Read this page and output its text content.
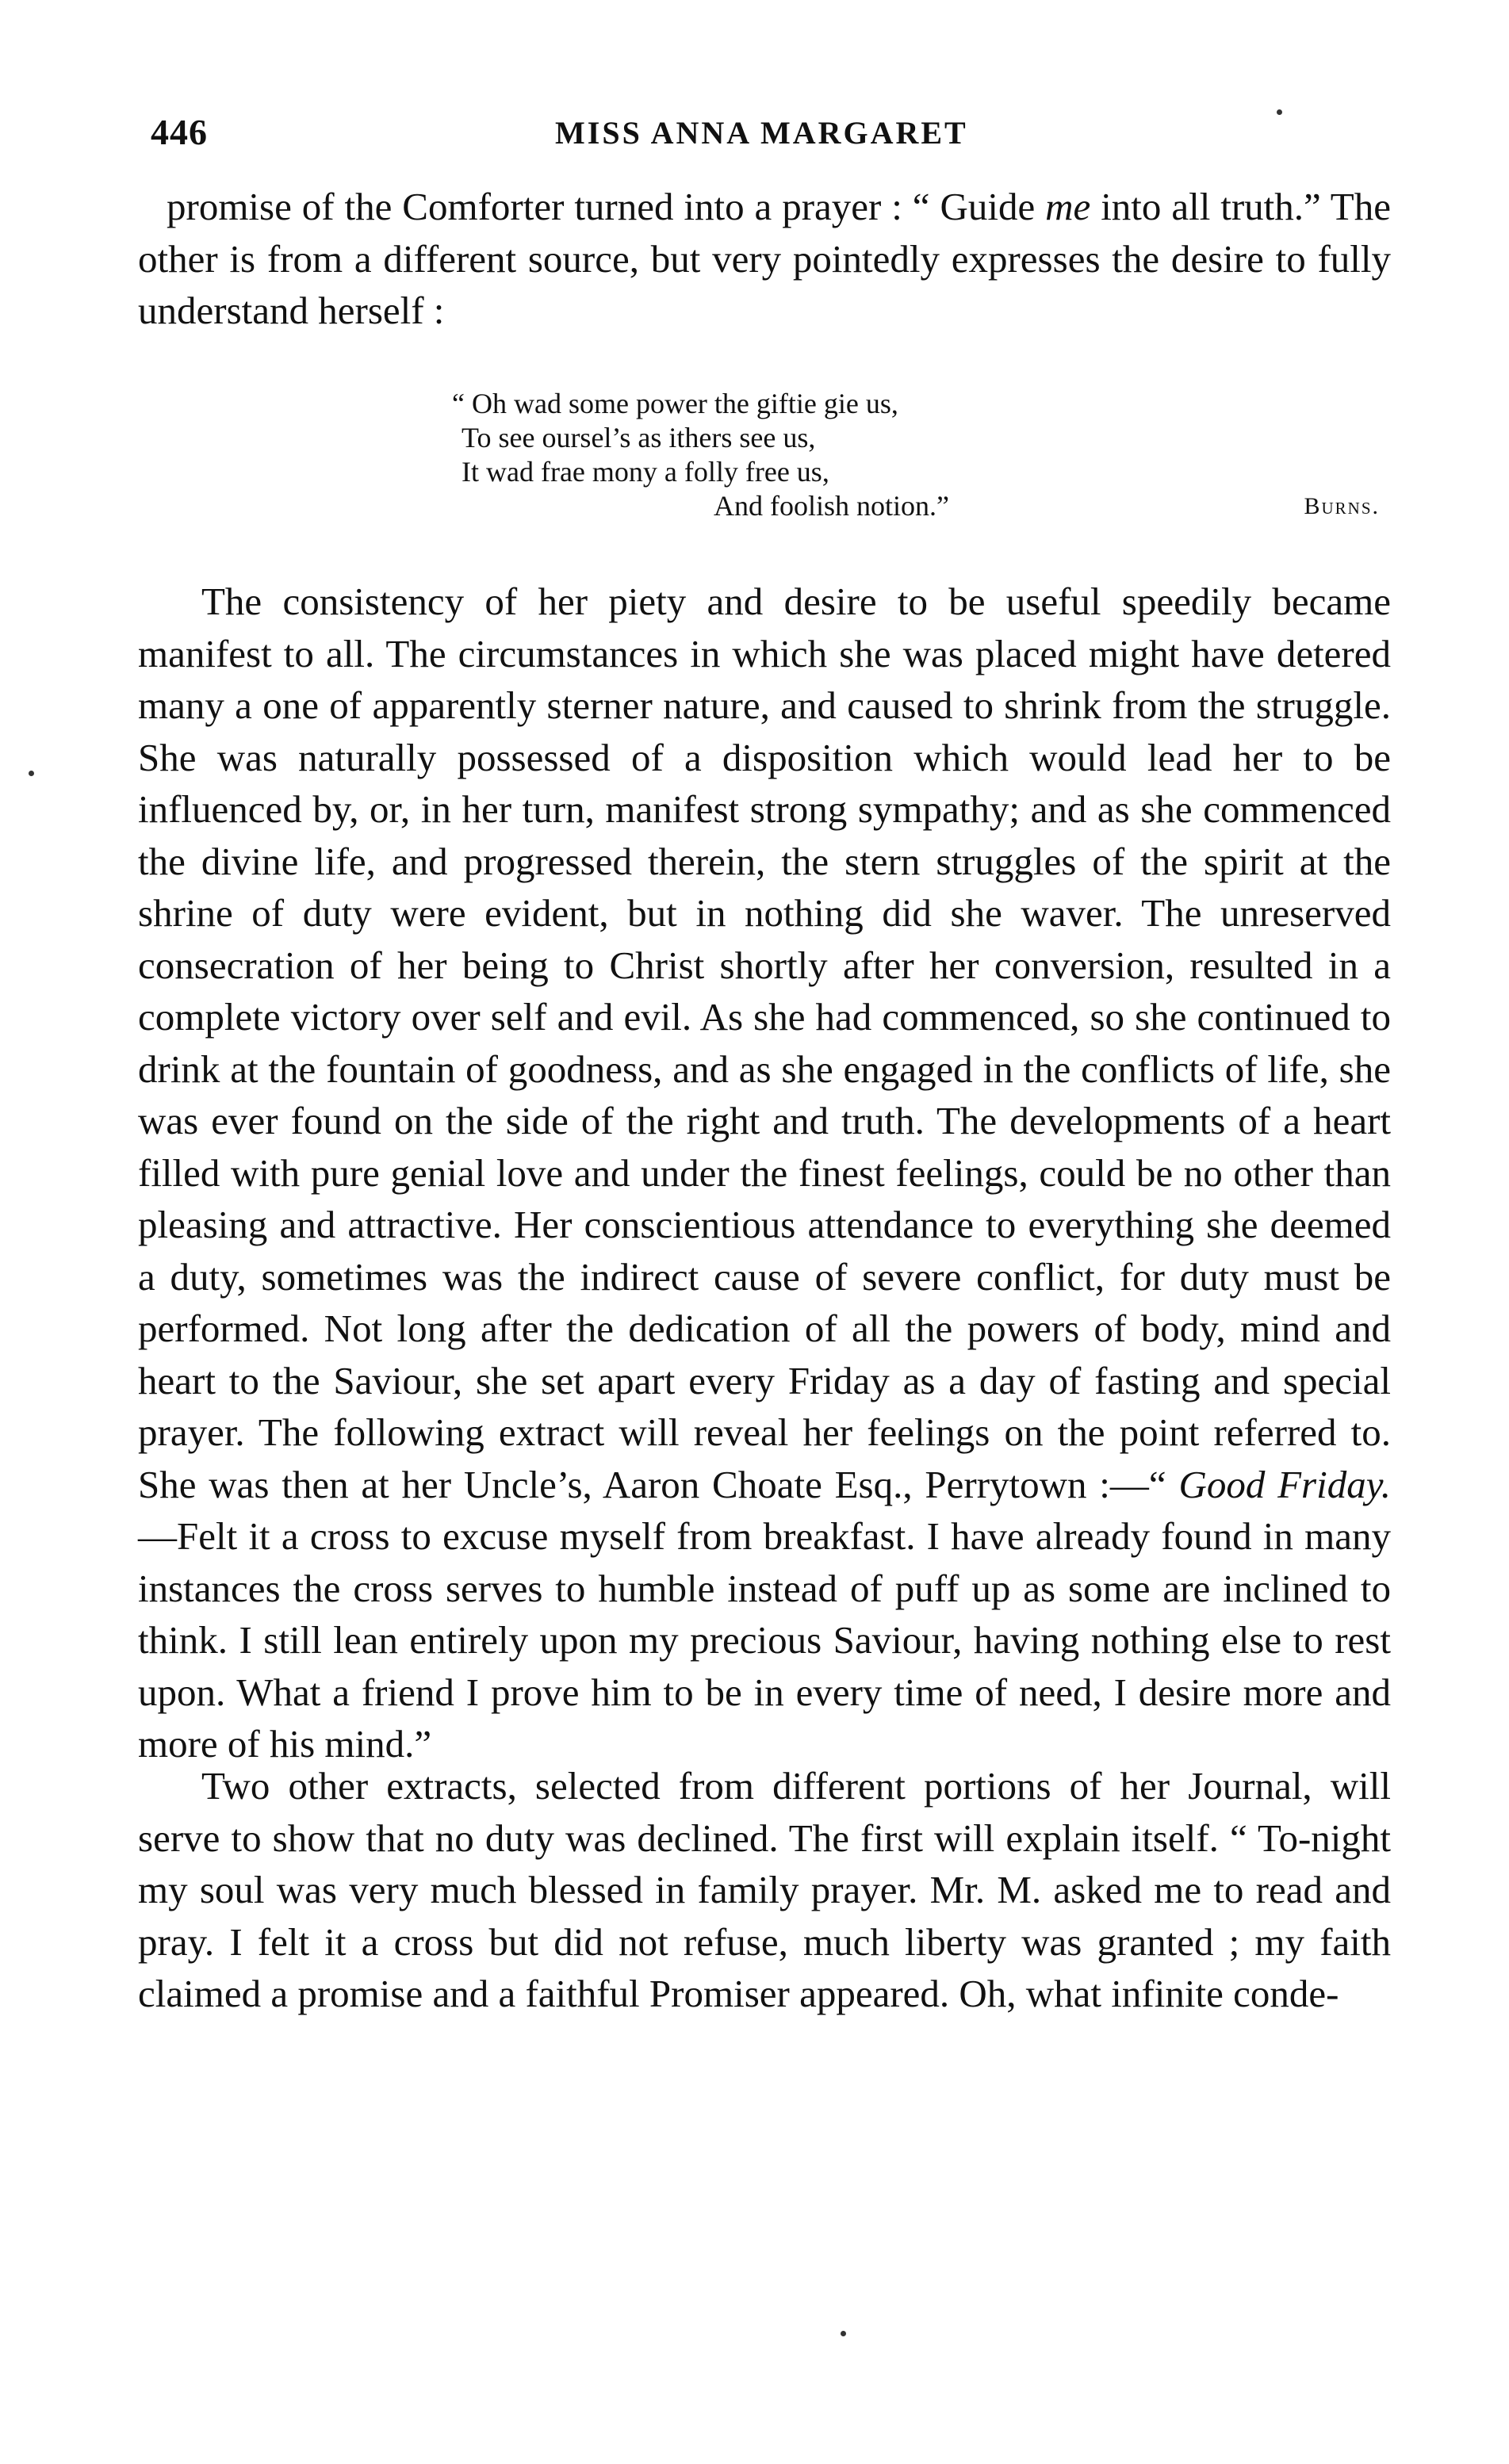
446	MISS ANNA MARGARET

promise of the Comforter turned into a prayer : “ Guide me into all truth.” The other is from a different source, but very pointedly expresses the desire to fully understand herself :

“ Oh wad some power the giftie gie us,
To see oursel’s as ithers see us,
It wad frae mony a folly free us,
And foolish notion.”	Burns.

The consistency of her piety and desire to be useful speedily became manifest to all. The circumstances in which she was placed might have detered many a one of apparently sterner nature, and caused to shrink from the struggle. She was naturally possessed of a disposition which would lead her to be influenced by, or, in her turn, manifest strong sympathy; and as she commenced the divine life, and progressed therein, the stern struggles of the spirit at the shrine of duty were evident, but in nothing did she waver. The unreserved consecration of her being to Christ shortly after her conversion, resulted in a complete victory over self and evil. As she had commenced, so she continued to drink at the fountain of goodness, and as she engaged in the conflicts of life, she was ever found on the side of the right and truth. The developments of a heart filled with pure genial love and under the finest feelings, could be no other than pleasing and attractive. Her conscientious attendance to everything she deemed a duty, sometimes was the indirect cause of severe conflict, for duty must be performed. Not long after the dedication of all the powers of body, mind and heart to the Saviour, she set apart every Friday as a day of fasting and special prayer. The following extract will reveal her feelings on the point referred to. She was then at her Uncle’s, Aaron Choate Esq., Perrytown :—“ Good Friday.—Felt it a cross to excuse myself from breakfast. I have already found in many instances the cross serves to humble instead of puff up as some are inclined to think. I still lean entirely upon my precious Saviour, having nothing else to rest upon. What a friend I prove him to be in every time of need, I desire more and more of his mind.”

Two other extracts, selected from different portions of her Journal, will serve to show that no duty was declined. The first will explain itself. “ To-night my soul was very much blessed in family prayer. Mr. M. asked me to read and pray. I felt it a cross but did not refuse, much liberty was granted ; my faith claimed a promise and a faithful Promiser appeared. Oh, what infinite conde-
